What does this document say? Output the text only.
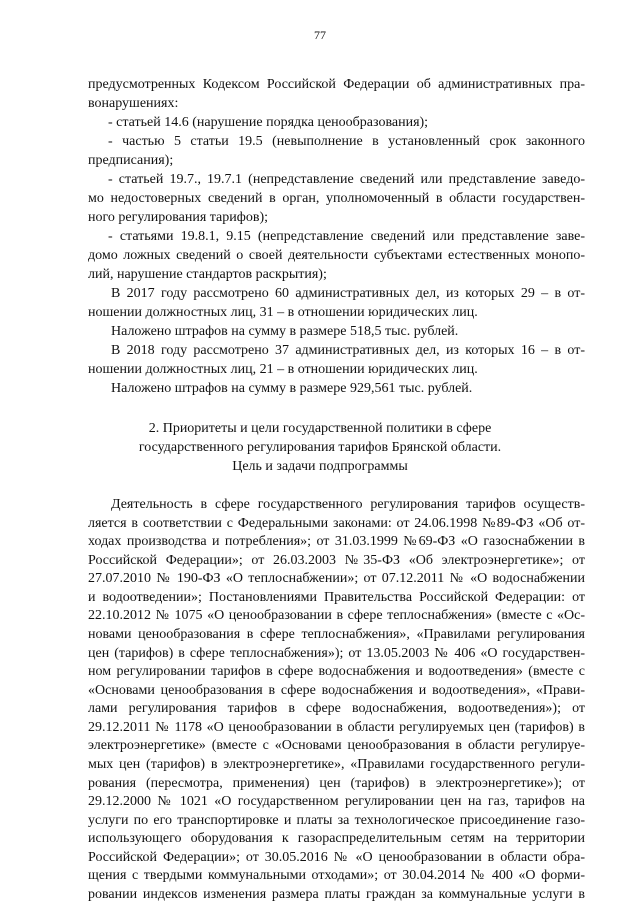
77
предусмотренных Кодексом Российской Федерации об административных пра-
вонарушениях:
- статьей 14.6 (нарушение порядка ценообразования);
- частью 5 статьи 19.5 (невыполнение в установленный срок законного
предписания);
- статьей 19.7., 19.7.1 (непредставление сведений или представление заведо-
мо недостоверных сведений в орган, уполномоченный в области государствен-
ного регулирования тарифов);
- статьями 19.8.1, 9.15 (непредставление сведений или представление заве-
домо ложных сведений о своей деятельности субъектами естественных монопо-
лий, нарушение стандартов раскрытия);
В 2017 году рассмотрено 60 административных дел, из которых 29 – в от-
ношении должностных лиц, 31 – в отношении юридических лиц.
Наложено штрафов на сумму в размере 518,5 тыс. рублей.
В 2018 году рассмотрено 37 административных дел, из которых 16 – в от-
ношении должностных лиц, 21 – в отношении юридических лиц.
Наложено штрафов на сумму в размере 929,561 тыс. рублей.
2. Приоритеты и цели государственной политики в сфере
государственного регулирования тарифов Брянской области.
Цель и задачи подпрограммы
Деятельность в сфере государственного регулирования тарифов осуществ-
ляется в соответствии с Федеральными законами: от 24.06.1998 №89-ФЗ «Об от-
ходах производства и потребления»; от 31.03.1999 №69-ФЗ «О газоснабжении в
Российской Федерации»; от 26.03.2003 №35-ФЗ «Об электроэнергетике»; от
27.07.2010 № 190-ФЗ «О теплоснабжении»; от 07.12.2011 № «О водоснабжении
и водоотведении»; Постановлениями Правительства Российской Федерации: от
22.10.2012 № 1075 «О ценообразовании в сфере теплоснабжения» (вместе с «Ос-
новами ценообразования в сфере теплоснабжения», «Правилами регулирования
цен (тарифов) в сфере теплоснабжения»); от 13.05.2003 № 406 «О государствен-
ном регулировании тарифов в сфере водоснабжения и водоотведения» (вместе с
«Основами ценообразования в сфере водоснабжения и водоотведения», «Прави-
лами регулирования тарифов в сфере водоснабжения, водоотведения»); от
29.12.2011 № 1178 «О ценообразовании в области регулируемых цен (тарифов) в
электроэнергетике» (вместе с «Основами ценообразования в области регулируе-
мых цен (тарифов) в электроэнергетике», «Правилами государственного регули-
рования (пересмотра, применения) цен (тарифов) в электроэнергетике»); от
29.12.2000 № 1021 «О государственном регулировании цен на газ, тарифов на
услуги по его транспортировке и платы за технологическое присоединение газо-
использующего оборудования к газораспределительным сетям на территории
Российской Федерации»; от 30.05.2016 № «О ценообразовании в области обра-
щения с твердыми коммунальными отходами»; от 30.04.2014 № 400 «О форми-
ровании индексов изменения размера платы граждан за коммунальные услуги в
